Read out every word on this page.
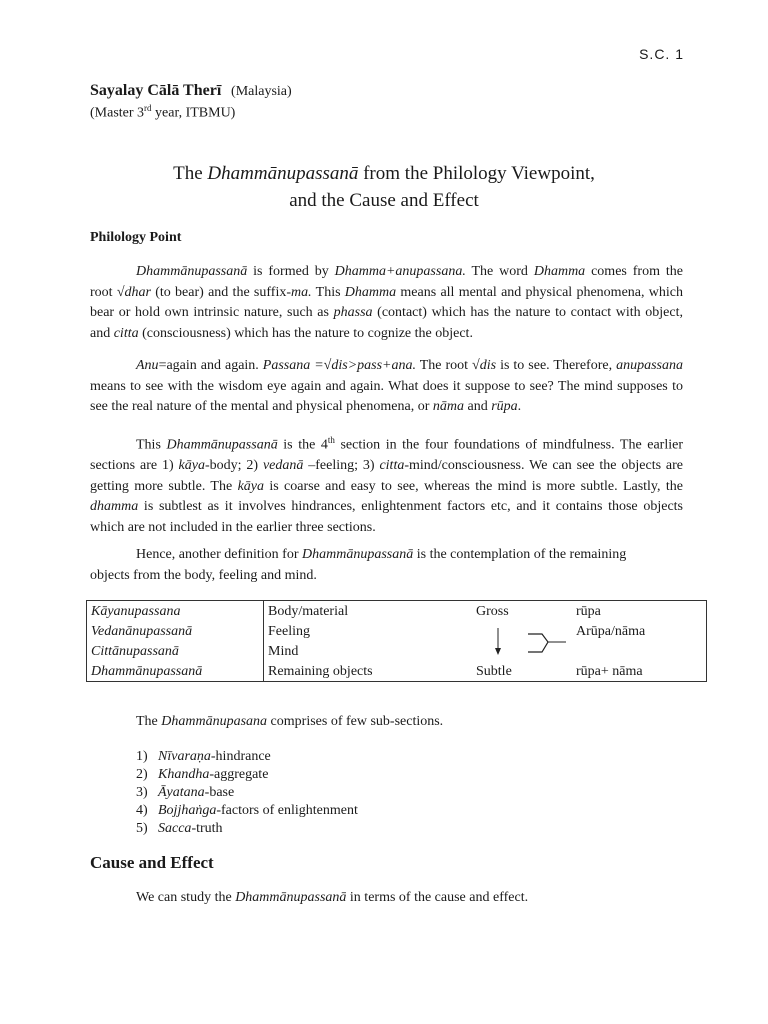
S.C. 1
Sayalay Cālā Therī (Malaysia)
(Master 3rd year, ITBMU)
The Dhammānupassanā from the Philology Viewpoint,
and the Cause and Effect
Philology Point
Dhammānupassanā is formed by Dhamma+anupassana. The word Dhamma comes from the root √dhar (to bear) and the suffix-ma. This Dhamma means all mental and physical phenomena, which bear or hold own intrinsic nature, such as phassa (contact) which has the nature to contact with object, and citta (consciousness) which has the nature to cognize the object.
Anu=again and again. Passana =√dis>pass+ana. The root √dis is to see. Therefore, anupassana means to see with the wisdom eye again and again. What does it suppose to see? The mind supposes to see the real nature of the mental and physical phenomena, or nāma and rūpa.
This Dhammānupassanā is the 4th section in the four foundations of mindfulness. The earlier sections are 1) kāya-body; 2) vedanā –feeling; 3) citta-mind/consciousness. We can see the objects are getting more subtle. The kāya is coarse and easy to see, whereas the mind is more subtle. Lastly, the dhamma is subtlest as it involves hindrances, enlightenment factors etc, and it contains those objects which are not included in the earlier three sections.
Hence, another definition for Dhammānupassanā is the contemplation of the remaining
objects from the body, feeling and mind.
Kāyanupassana	Body/material	Gross	rūpa
Vedanānupassanā	Feeling		Arūpa/nāma
Cittānupassanā	Mind		
Dhammānupassanā	Remaining objects	Subtle	rūpa+ nāma
The Dhammānupasana comprises of few sub-sections.
1) Nīvaraṇa-hindrance
2) Khandha-aggregate
3) Āyatana-base
4) Bojjhaṅga-factors of enlightenment
5) Sacca-truth
Cause and Effect
We can study the Dhammānupassanā in terms of the cause and effect.
